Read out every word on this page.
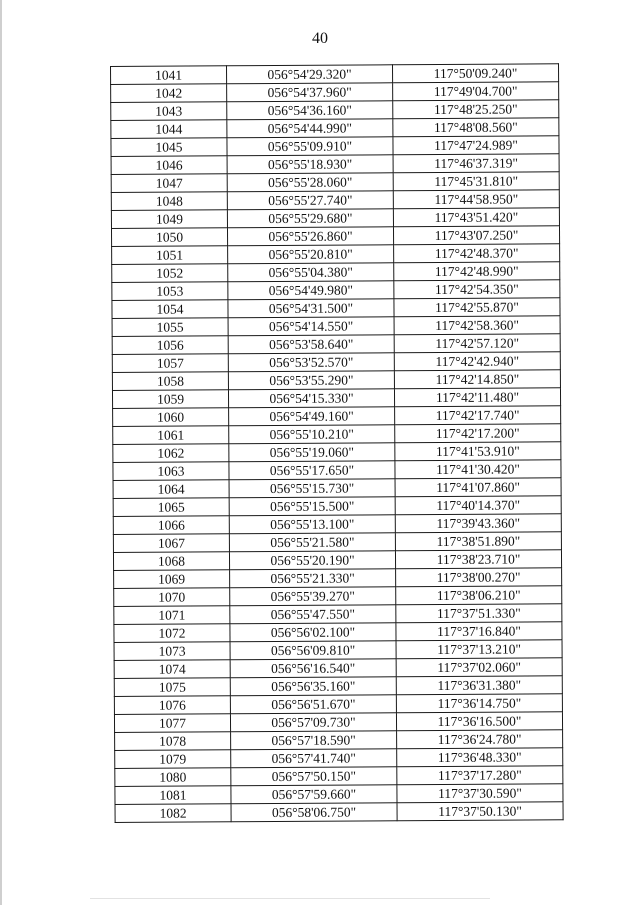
40
1041	056°54'29.320"	117°50'09.240"
1042	056°54'37.960"	117°49'04.700"
1043	056°54'36.160"	117°48'25.250"
1044	056°54'44.990"	117°48'08.560"
1045	056°55'09.910"	117°47'24.989"
1046	056°55'18.930"	117°46'37.319"
1047	056°55'28.060"	117°45'31.810"
1048	056°55'27.740"	117°44'58.950"
1049	056°55'29.680"	117°43'51.420"
1050	056°55'26.860"	117°43'07.250"
1051	056°55'20.810"	117°42'48.370"
1052	056°55'04.380"	117°42'48.990"
1053	056°54'49.980"	117°42'54.350"
1054	056°54'31.500"	117°42'55.870"
1055	056°54'14.550"	117°42'58.360"
1056	056°53'58.640"	117°42'57.120"
1057	056°53'52.570"	117°42'42.940"
1058	056°53'55.290"	117°42'14.850"
1059	056°54'15.330"	117°42'11.480"
1060	056°54'49.160"	117°42'17.740"
1061	056°55'10.210"	117°42'17.200"
1062	056°55'19.060"	117°41'53.910"
1063	056°55'17.650"	117°41'30.420"
1064	056°55'15.730"	117°41'07.860"
1065	056°55'15.500"	117°40'14.370"
1066	056°55'13.100"	117°39'43.360"
1067	056°55'21.580"	117°38'51.890"
1068	056°55'20.190"	117°38'23.710"
1069	056°55'21.330"	117°38'00.270"
1070	056°55'39.270"	117°38'06.210"
1071	056°55'47.550"	117°37'51.330"
1072	056°56'02.100"	117°37'16.840"
1073	056°56'09.810"	117°37'13.210"
1074	056°56'16.540"	117°37'02.060"
1075	056°56'35.160"	117°36'31.380"
1076	056°56'51.670"	117°36'14.750"
1077	056°57'09.730"	117°36'16.500"
1078	056°57'18.590"	117°36'24.780"
1079	056°57'41.740"	117°36'48.330"
1080	056°57'50.150"	117°37'17.280"
1081	056°57'59.660"	117°37'30.590"
1082	056°58'06.750"	117°37'50.130"
